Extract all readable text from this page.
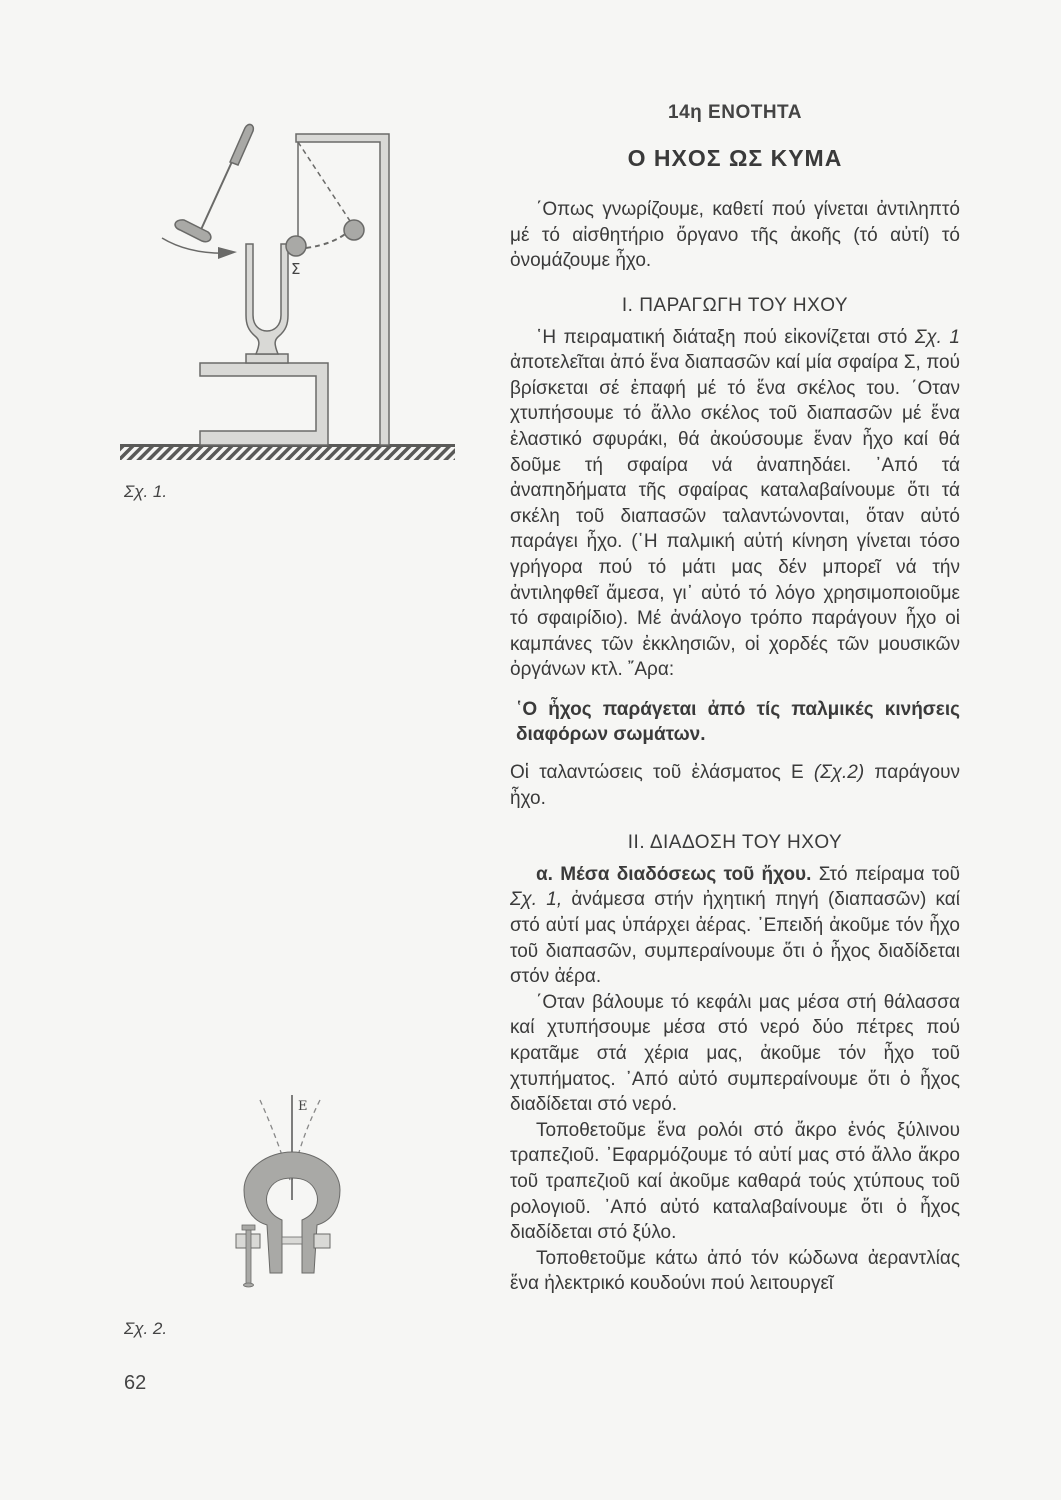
Σ
Σχ. 1.
Ε
Σχ. 2.
62
14η ΕΝΟΤΗΤΑ
Ο ΗΧΟΣ ΩΣ ΚΥΜΑ

΄Οπως γνωρίζουμε, καθετί πού γίνεται ἀντιληπτό μέ τό αἰσθητήριο ὄργανο τῆς ἀκοῆς (τό αὐτί) τό ὀνομάζουμε ἦχο.

Ι. ΠΑΡΑΓΩΓΗ ΤΟΥ ΗΧΟΥ

῾Η πειραματική διάταξη πού εἰκονίζεται στό Σχ. 1 ἀποτελεῖται ἀπό ἕνα διαπασῶν καί μία σφαίρα Σ, πού βρίσκεται σέ ἐπαφή μέ τό ἕνα σκέλος του. ΄Οταν χτυπήσουμε τό ἄλλο σκέλος τοῦ διαπασῶν μέ ἕνα ἐλαστικό σφυράκι, θά ἀκούσουμε ἕναν ἦχο καί θά δοῦμε τή σφαίρα νά ἀναπηδάει. ᾿Από τά ἀναπηδήματα τῆς σφαίρας καταλαβαίνουμε ὅτι τά σκέλη τοῦ διαπασῶν ταλαντώνονται, ὅταν αὐτό παράγει ἦχο. (῾Η παλμική αὐτή κίνηση γίνεται τόσο γρήγορα πού τό μάτι μας δέν μπορεῖ νά τήν ἀντιληφθεῖ ἄμεσα, γι᾿ αὐτό τό λόγο χρησιμοποιοῦμε τό σφαιρίδιο). Μέ ἀνάλογο τρόπο παράγουν ἦχο οἱ καμπάνες τῶν ἐκκλησιῶν, οἱ χορδές τῶν μουσικῶν ὀργάνων κτλ. ῎Αρα:

῾Ο ἦχος παράγεται ἀπό τίς παλμικές κινήσεις διαφόρων σωμάτων.

Οἱ ταλαντώσεις τοῦ ἐλάσματος Ε (Σχ.2) παράγουν ἦχο.

ΙΙ. ΔΙΑΔΟΣΗ ΤΟΥ ΗΧΟΥ

α. Μέσα διαδόσεως τοῦ ἤχου. Στό πείραμα τοῦ Σχ. 1, ἀνάμεσα στήν ἠχητική πηγή (διαπασῶν) καί στό αὐτί μας ὑπάρχει ἀέρας. ᾿Επειδή ἀκοῦμε τόν ἦχο τοῦ διαπασῶν, συμπεραίνουμε ὅτι ὁ ἦχος διαδίδεται στόν ἀέρα.

΄Οταν βάλουμε τό κεφάλι μας μέσα στή θάλασσα καί χτυπήσουμε μέσα στό νερό δύο πέτρες πού κρατᾶμε στά χέρια μας, ἀκοῦμε τόν ἦχο τοῦ χτυπήματος. ᾿Από αὐτό συμπεραίνουμε ὅτι ὁ ἦχος διαδίδεται στό νερό.

Τοποθετοῦμε ἕνα ρολόι στό ἄκρο ἑνός ξύλινου τραπεζιοῦ. ᾿Εφαρμόζουμε τό αὐτί μας στό ἄλλο ἄκρο τοῦ τραπεζιοῦ καί ἀκοῦμε καθαρά τούς χτύπους τοῦ ρολογιοῦ. ᾿Από αὐτό καταλαβαίνουμε ὅτι ὁ ἦχος διαδίδεται στό ξύλο.

Τοποθετοῦμε κάτω ἀπό τόν κώδωνα ἀεραντλίας ἕνα ἠλεκτρικό κουδούνι πού λειτουργεῖ
